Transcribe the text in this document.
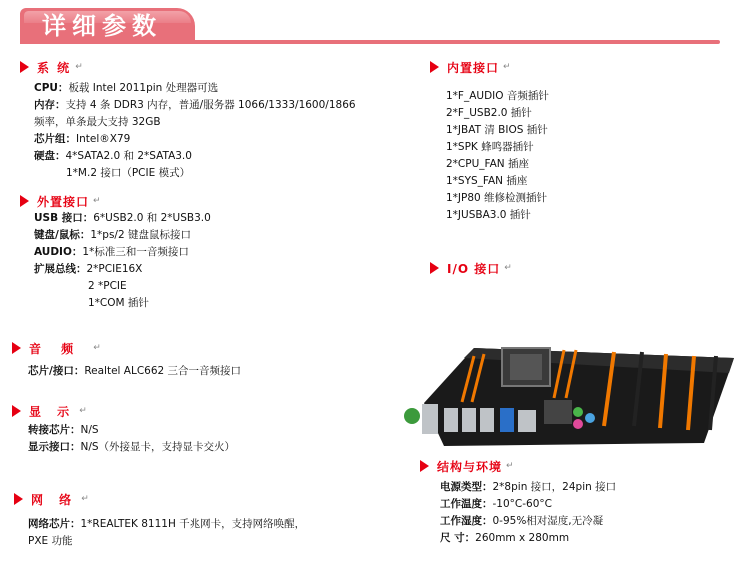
详细参数
系 统 ↵
CPU：板载 Intel 2011pin 处理器可选
内存：支持 4 条 DDR3 内存，普通/服务器 1066/1333/1600/1866
频率，单条最大支持 32GB
芯片组：Intel®X79
硬盘：4*SATA2.0 和 2*SATA3.0
1*M.2 接口（PCIE 模式）
外置接口 ↵
USB 接口：6*USB2.0 和 2*USB3.0
键盘/鼠标：1*ps/2 键盘鼠标接口
AUDIO：1*标准三和一音频接口
扩展总线：2*PCIE16X
2 *PCIE
1*COM 插针
音 频 ↵
芯片/接口：Realtel ALC662 三合一音频接口
显 示 ↵
转接芯片：N/S
显示接口：N/S（外接显卡，支持显卡交火）
网 络 ↵
网络芯片：1*REALTEK 8111H 千兆网卡，支持网络唤醒，
PXE 功能
内置接口 ↵
1*F_AUDIO 音频插针
2*F_USB2.0 插针
1*JBAT 清 BIOS 插针
1*SPK 蜂鸣器插针
2*CPU_FAN 插座
1*SYS_FAN 插座
1*JP80 维修检测插针
1*JUSBA3.0 插针
I/O 接口 ↵
结构与环境 ↵
电源类型：2*8pin 接口，24pin 接口
工作温度：-10°C-60°C
工作湿度：0-95%相对湿度,无冷凝
尺 寸：260mm x 280mm
